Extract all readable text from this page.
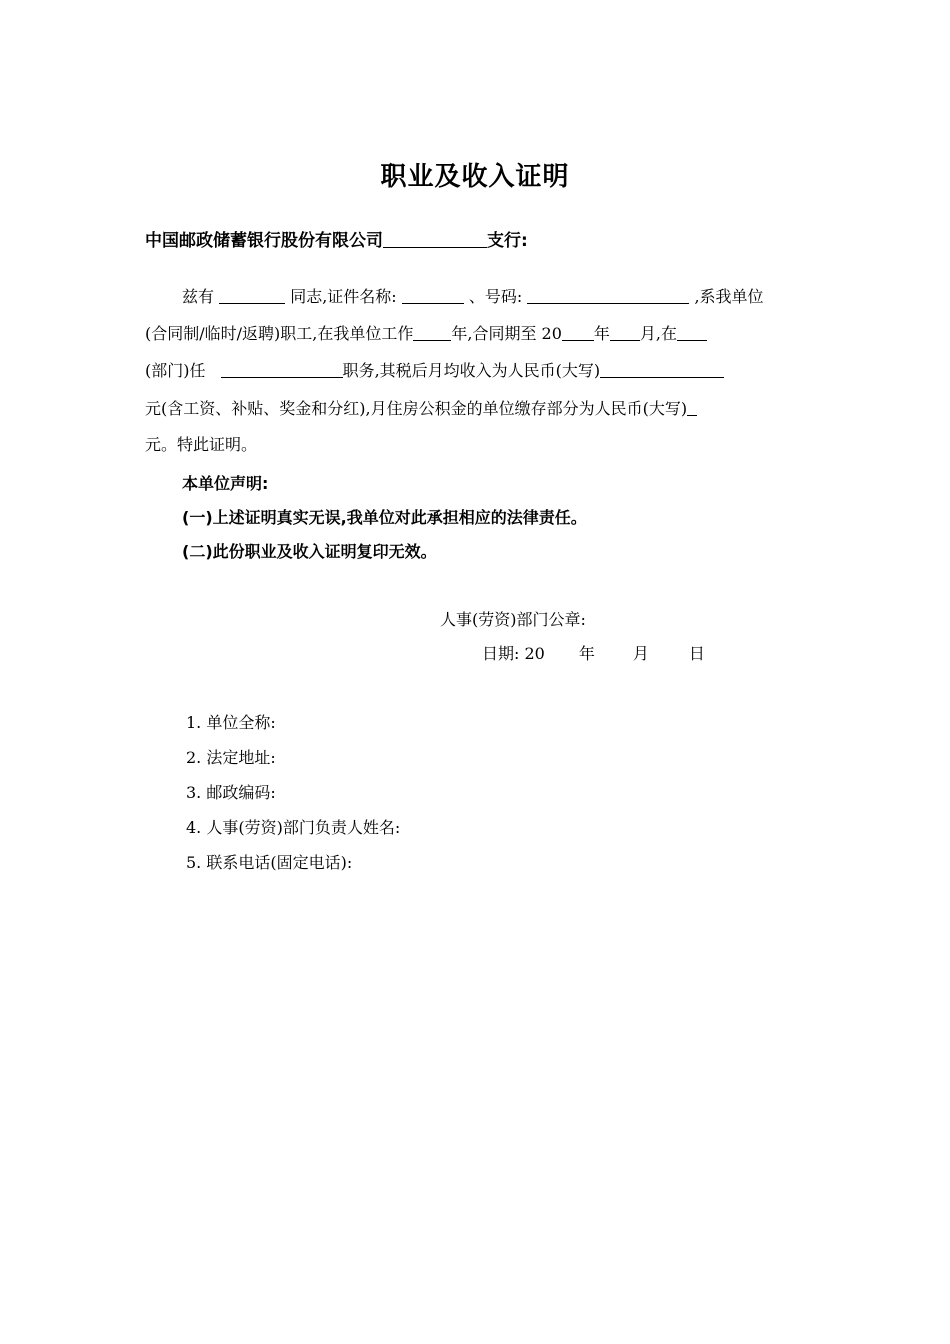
职业及收入证明
中国邮政储蓄银行股份有限公司	支行:
兹有	同志,证件名称:	、号码:	,系我单位
(合同制/临时/返聘)职工,在我单位工作 年,合同期至 20 年 月,在
(部门)任	职务,其税后月均收入为人民币(大写)
元(含工资、补贴、奖金和分红),月住房公积金的单位缴存部分为人民币(大写)
元。特此证明。
本单位声明:
(一)上述证明真实无误,我单位对此承担相应的法律责任。
(二)此份职业及收入证明复印无效。
人事(劳资)部门公章:
日期: 20 年 月	日
1. 单位全称:
2. 法定地址:
3. 邮政编码:
4. 人事(劳资)部门负责人姓名:
5. 联系电话(固定电话):
